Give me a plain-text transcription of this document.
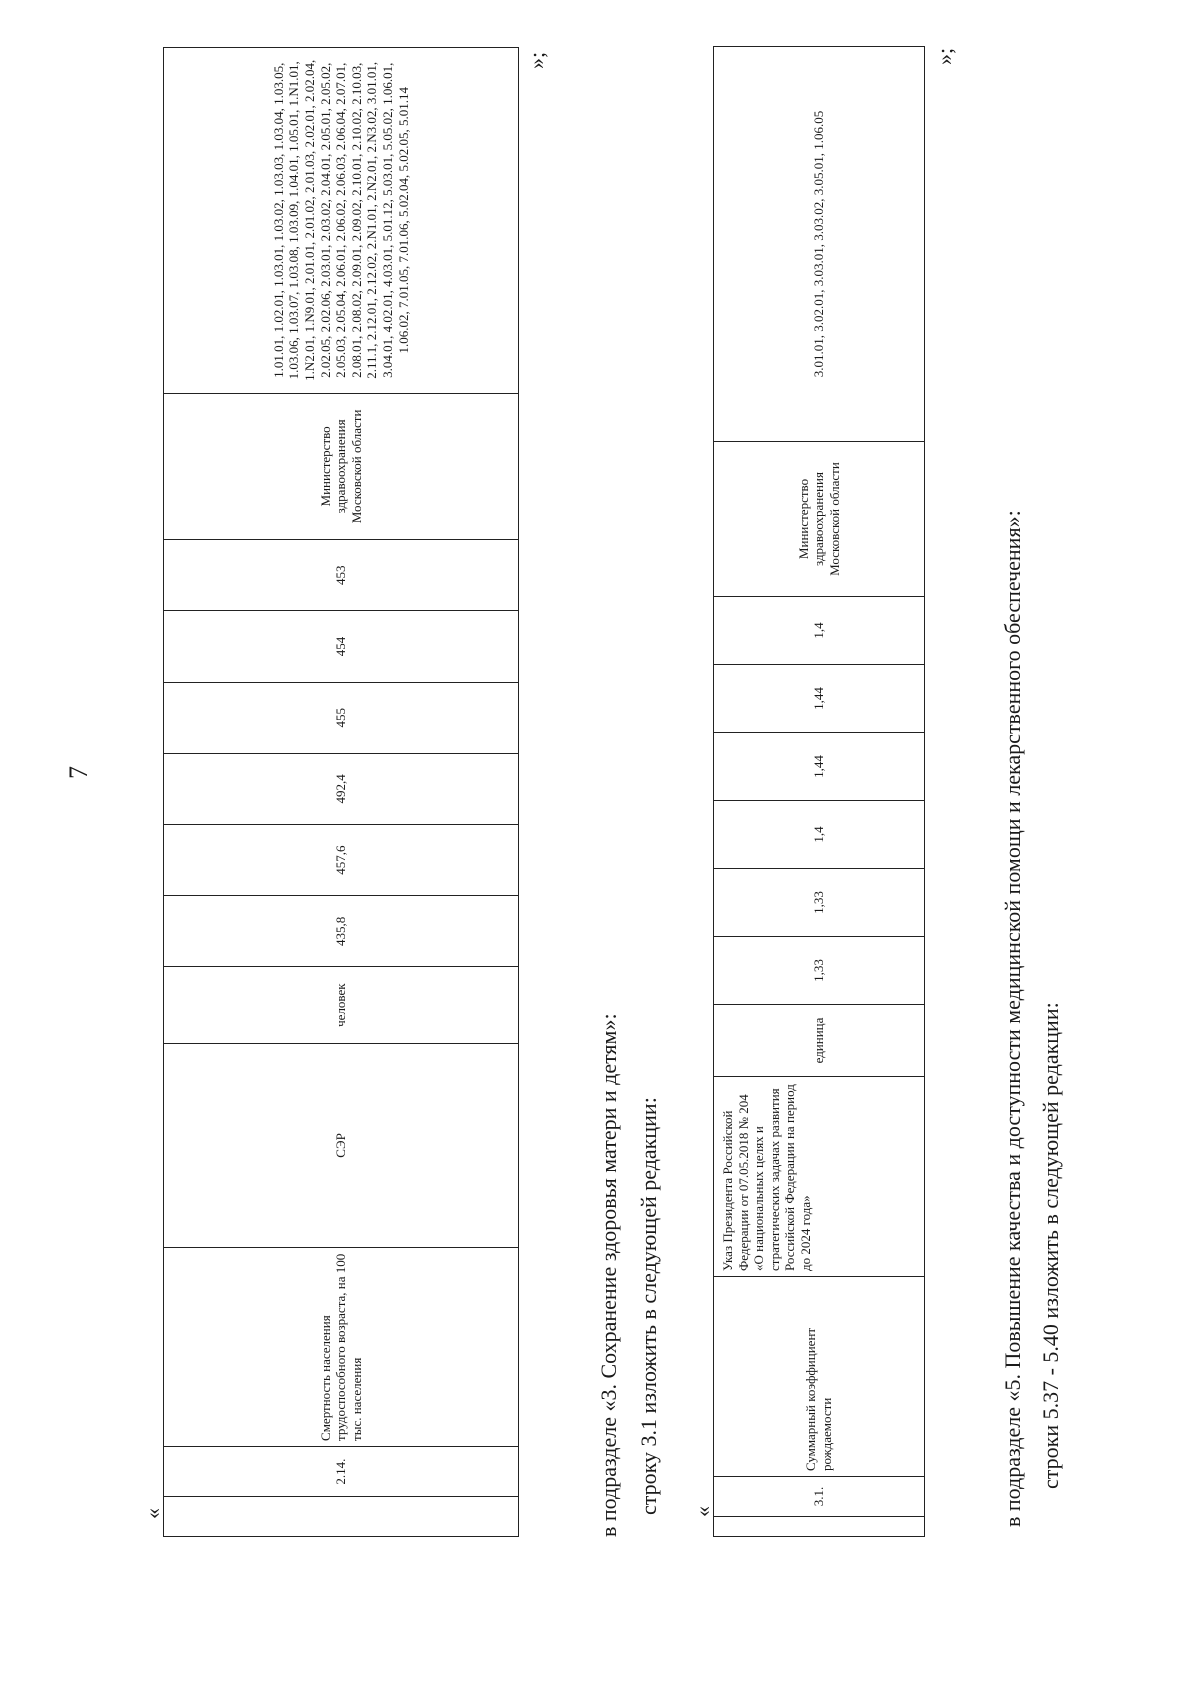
«
7
	2.14.	Смертность населения трудоспособного возраста, на 100 тыс. населения	СЭР	человек	435,8	457,6	492,4	455	454	453	Министерство здравоохранения Московской области	1.01.01, 1.02.01, 1.03.01, 1.03.02, 1.03.03, 1.03.04, 1.03.05, 1.03.06, 1.03.07, 1.03.08, 1.03.09, 1.04.01, 1.05.01, 1.N1.01, 1.N2.01, 1.N9.01, 2.01.01, 2.01.02, 2.01.03, 2.02.01, 2.02.04, 2.02.05, 2.02.06, 2.03.01, 2.03.02, 2.04.01, 2.05.01, 2.05.02, 2.05.03, 2.05.04, 2.06.01, 2.06.02, 2.06.03, 2.06.04, 2.07.01, 2.08.01, 2.08.02, 2.09.01, 2.09.02, 2.10.01, 2.10.02, 2.10.03, 2.11.1, 2.12.01, 2.12.02, 2.N1.01, 2.N2.01, 2.N3.02, 3.01.01, 3.04.01, 4.02.01, 4.03.01, 5.01.12, 5.03.01, 5.05.02, 1.06.01, 1.06.02, 7.01.05, 7.01.06, 5.02.04, 5.02.05, 5.01.14
»;
в подразделе «3. Сохранение здоровья матери и детям»: строку 3.1 изложить в следующей редакции: «
	3.1.	Суммарный коэффициент рождаемости	Указ Президента Российской Федерации от 07.05.2018 № 204 «О национальных целях и стратегических задачах развития Российской Федерации на период до 2024 года»	единица	1,33	1,33	1,4	1,44	1,44	1,4	Министерство здравоохранения Московской области	3.01.01, 3.02.01, 3.03.01, 3.03.02, 3.05.01, 1.06.05
»;
в подразделе «5. Повышение качества и доступности медицинской помощи и лекарственного обеспечения»: строки 5.37 - 5.40 изложить в следующей редакции:
